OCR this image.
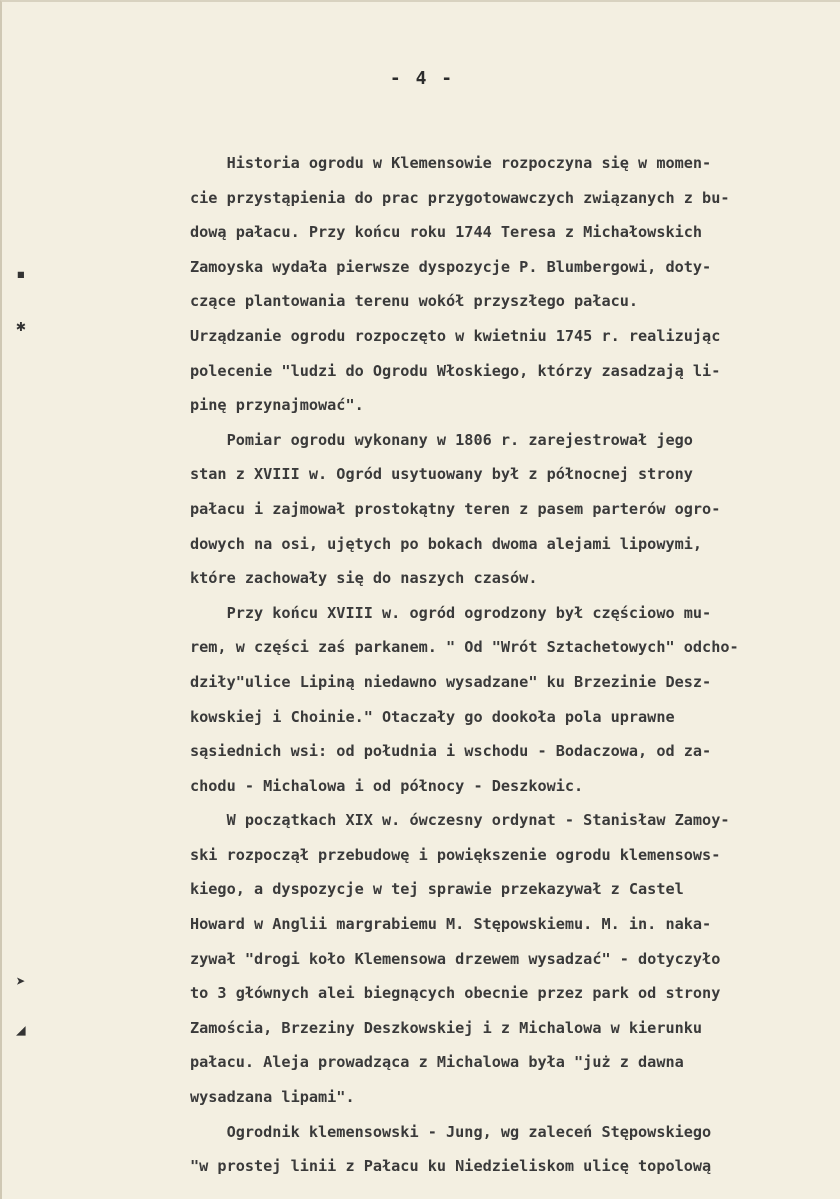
- 4 -
▪
✱
➤
◢
Historia ogrodu w Klemensowie rozpoczyna się w momen-
cie przystąpienia do prac przygotowawczych związanych z bu-
dową pałacu. Przy końcu roku 1744 Teresa z Michałowskich
Zamoyska wydała pierwsze dyspozycje P. Blumbergowi, doty-
czące plantowania terenu wokół przyszłego pałacu.
Urządzanie ogrodu rozpoczęto w kwietniu 1745 r. realizując
polecenie "ludzi do Ogrodu Włoskiego, którzy zasadzają li-
pinę przynajmować".
Pomiar ogrodu wykonany w 1806 r. zarejestrował jego
stan z XVIII w. Ogród usytuowany był z północnej strony
pałacu i zajmował prostokątny teren z pasem parterów ogro-
dowych na osi, ujętych po bokach dwoma alejami lipowymi,
które zachowały się do naszych czasów.
Przy końcu XVIII w. ogród ogrodzony był częściowo mu-
rem, w części zaś parkanem. " Od "Wrót Sztachetowych" odcho-
dziły"ulice Lipiną niedawno wysadzane" ku Brzezinie Desz-
kowskiej i Choinie." Otaczały go dookoła pola uprawne
sąsiednich wsi: od południa i wschodu - Bodaczowa, od za-
chodu - Michalowa i od północy - Deszkowic.
W początkach XIX w. ówczesny ordynat - Stanisław Zamoy-
ski rozpoczął przebudowę i powiększenie ogrodu klemensows-
kiego, a dyspozycje w tej sprawie przekazywał z Castel
Howard w Anglii margrabiemu M. Stępowskiemu. M. in. naka-
zywał "drogi koło Klemensowa drzewem wysadzać" - dotyczyło
to 3 głównych alei biegnących obecnie przez park od strony
Zamościa, Brzeziny Deszkowskiej i z Michalowa w kierunku
pałacu. Aleja prowadząca z Michalowa była "już z dawna
wysadzana lipami".
Ogrodnik klemensowski - Jung, wg zaleceń Stępowskiego
"w prostej linii z Pałacu ku Niedzieliskom ulicę topolową
